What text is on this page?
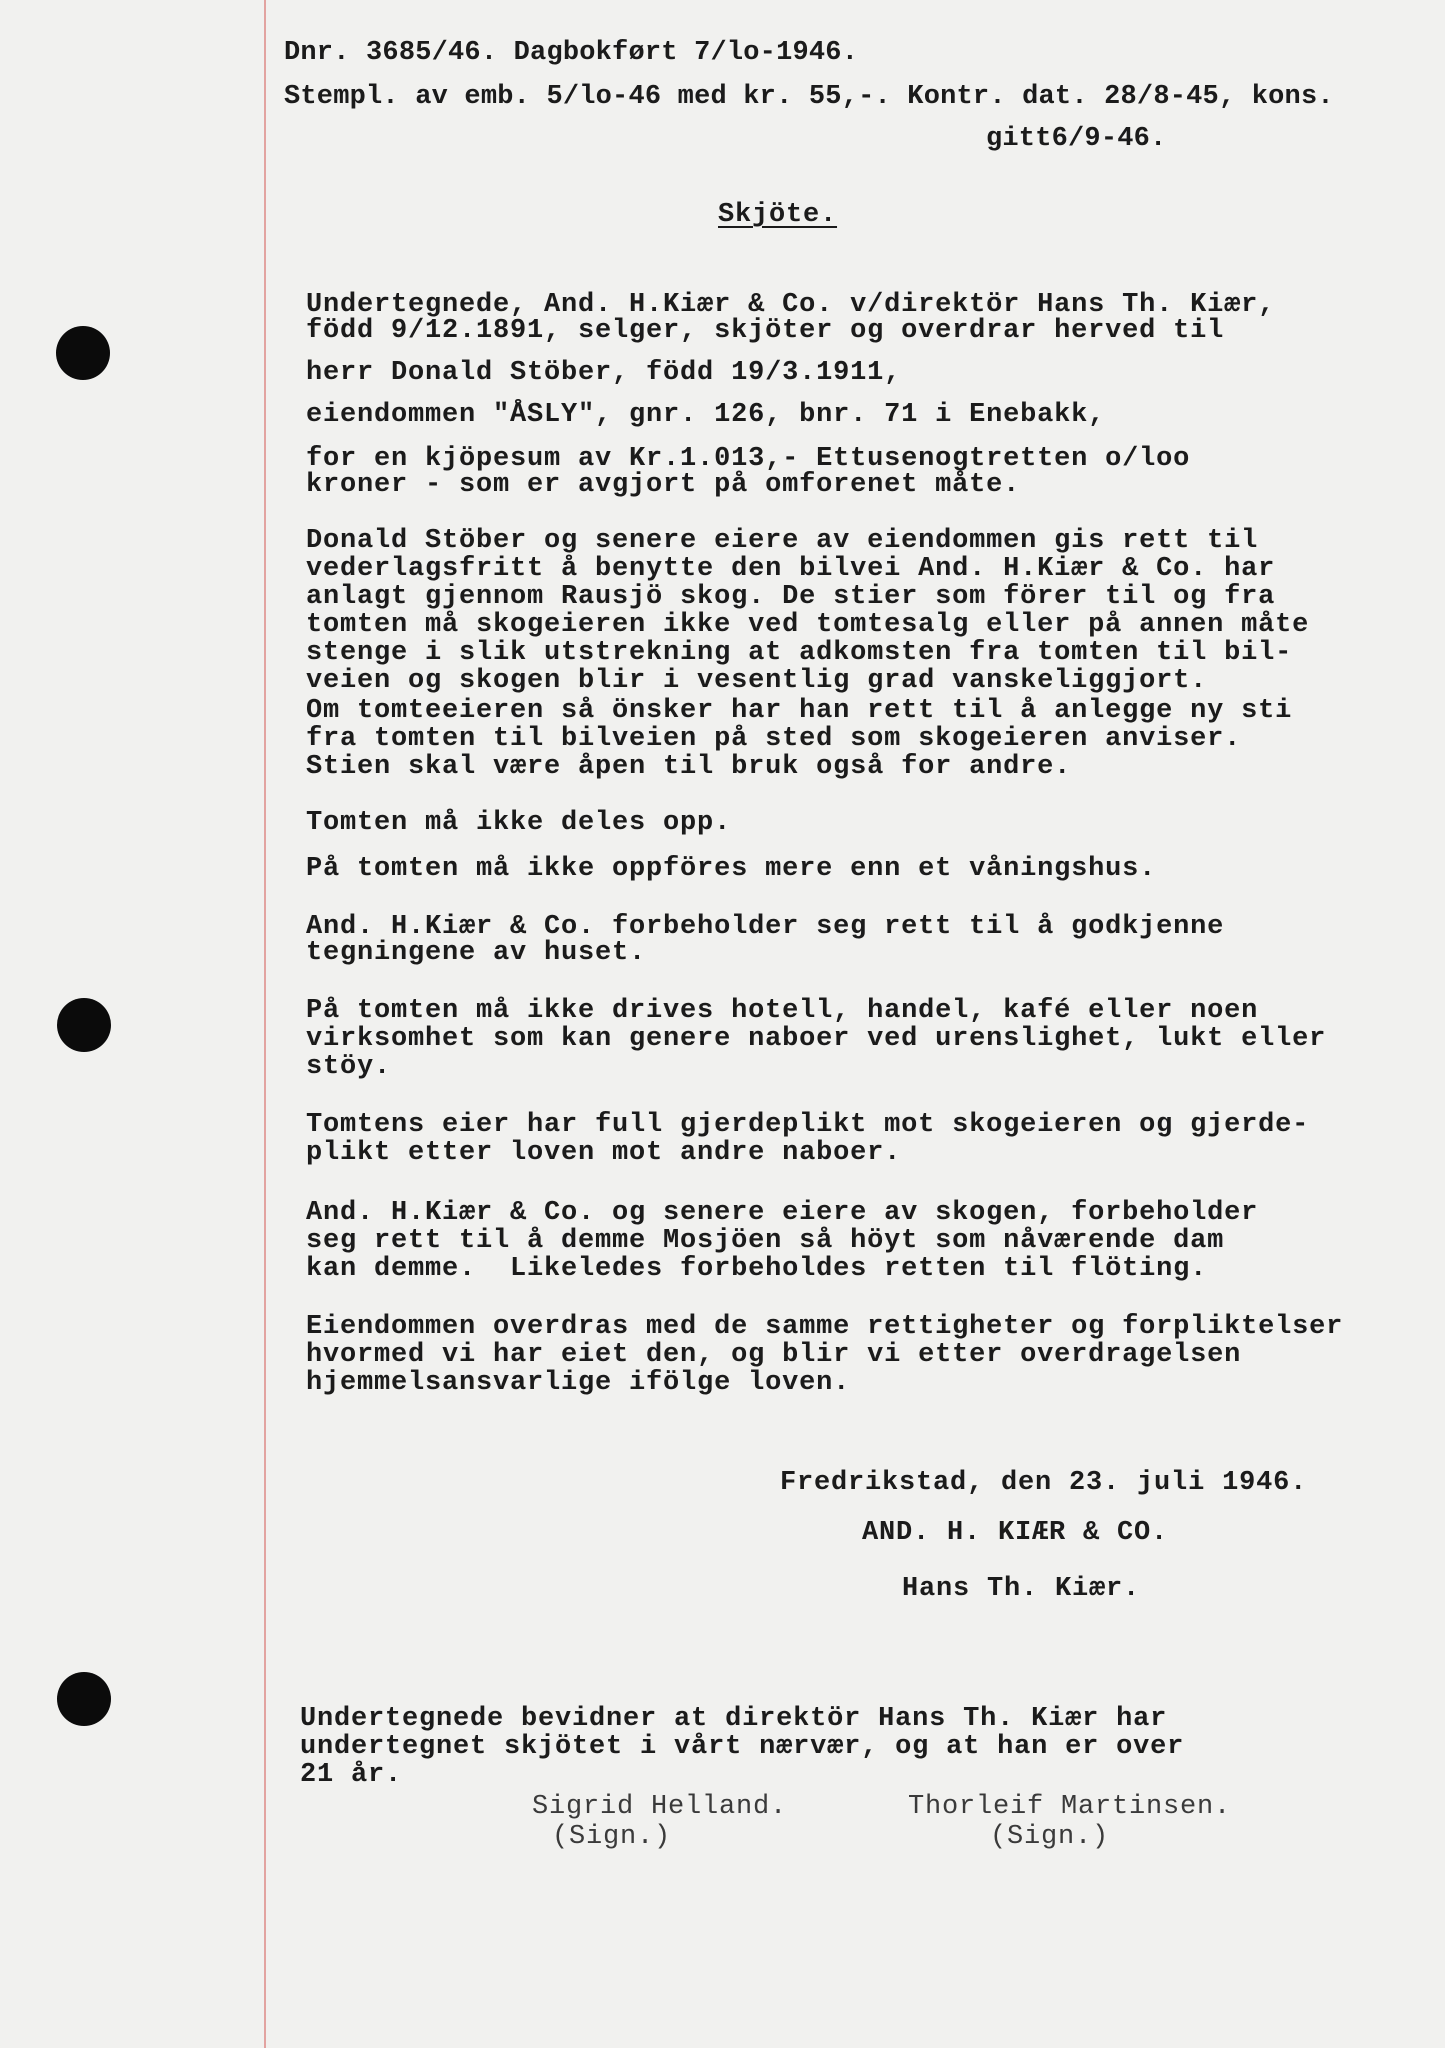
Dnr. 3685/46. Dagbokført 7/lo-1946.
Stempl. av emb. 5/lo-46 med kr. 55,-. Kontr. dat. 28/8-45, kons.
gitt6/9-46.
Skjöte.
Undertegnede, And. H.Kiær & Co. v/direktör Hans Th. Kiær,
född 9/12.1891, selger, skjöter og overdrar herved til
herr Donald Stöber, född 19/3.1911,
eiendommen "ÅSLY", gnr. 126, bnr. 71 i Enebakk,
for en kjöpesum av Kr.1.013,- Ettusenogtretten o/loo
kroner - som er avgjort på omforenet måte.
Donald Stöber og senere eiere av eiendommen gis rett til
vederlagsfritt å benytte den bilvei And. H.Kiær & Co. har
anlagt gjennom Rausjö skog. De stier som förer til og fra
tomten må skogeieren ikke ved tomtesalg eller på annen måte
stenge i slik utstrekning at adkomsten fra tomten til bil-
veien og skogen blir i vesentlig grad vanskeliggjort.
Om tomteeieren så önsker har han rett til å anlegge ny sti
fra tomten til bilveien på sted som skogeieren anviser.
Stien skal være åpen til bruk også for andre.
Tomten må ikke deles opp.
På tomten må ikke oppföres mere enn et våningshus.
And. H.Kiær & Co. forbeholder seg rett til å godkjenne
tegningene av huset.
På tomten må ikke drives hotell, handel, kafé eller noen
virksomhet som kan genere naboer ved urenslighet, lukt eller
stöy.
Tomtens eier har full gjerdeplikt mot skogeieren og gjerde-
plikt etter loven mot andre naboer.
And. H.Kiær & Co. og senere eiere av skogen, forbeholder
seg rett til å demme Mosjöen så höyt som nåværende dam
kan demme.  Likeledes forbeholdes retten til flöting.
Eiendommen overdras med de samme rettigheter og forpliktelser
hvormed vi har eiet den, og blir vi etter overdragelsen
hjemmelsansvarlige ifölge loven.
Fredrikstad, den 23. juli 1946.
AND. H. KIÆR & CO.
Hans Th. Kiær.
Undertegnede bevidner at direktör Hans Th. Kiær har
undertegnet skjötet i vårt nærvær, og at han er over
21 år.
Sigrid Helland.
(Sign.)
Thorleif Martinsen.
(Sign.)
